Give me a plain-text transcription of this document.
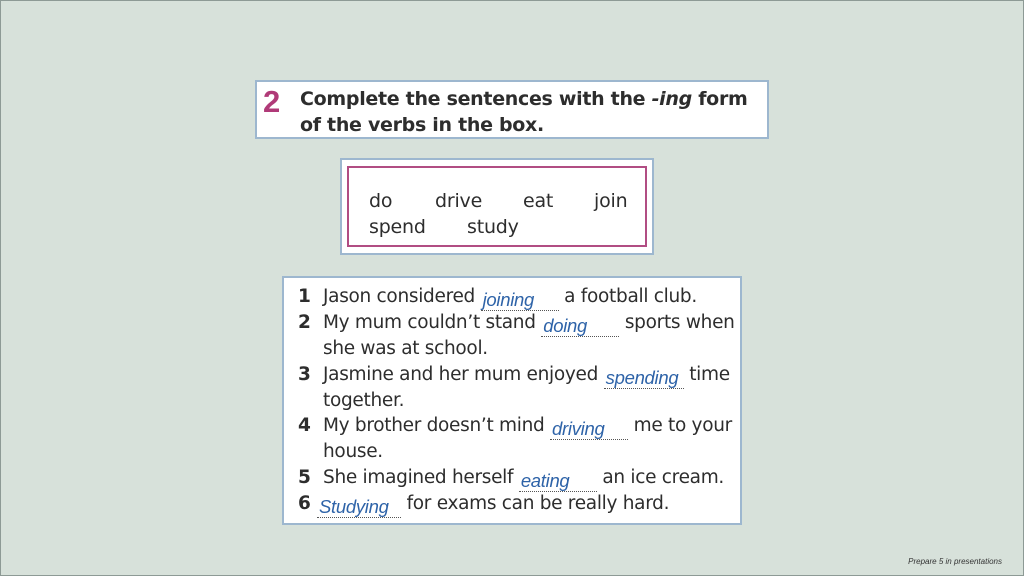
2 Complete the sentences with the -ing form of the verbs in the box.
do drive eat join
spend study
1 Jason considered joining a football club.
2 My mum couldn’t stand doing sports when
she was at school.
3 Jasmine and her mum enjoyed spending time
together.
4 My brother doesn’t mind driving me to your
house.
5 She imagined herself eating an ice cream.
6 Studying for exams can be really hard.
Prepare 5 in presentations
